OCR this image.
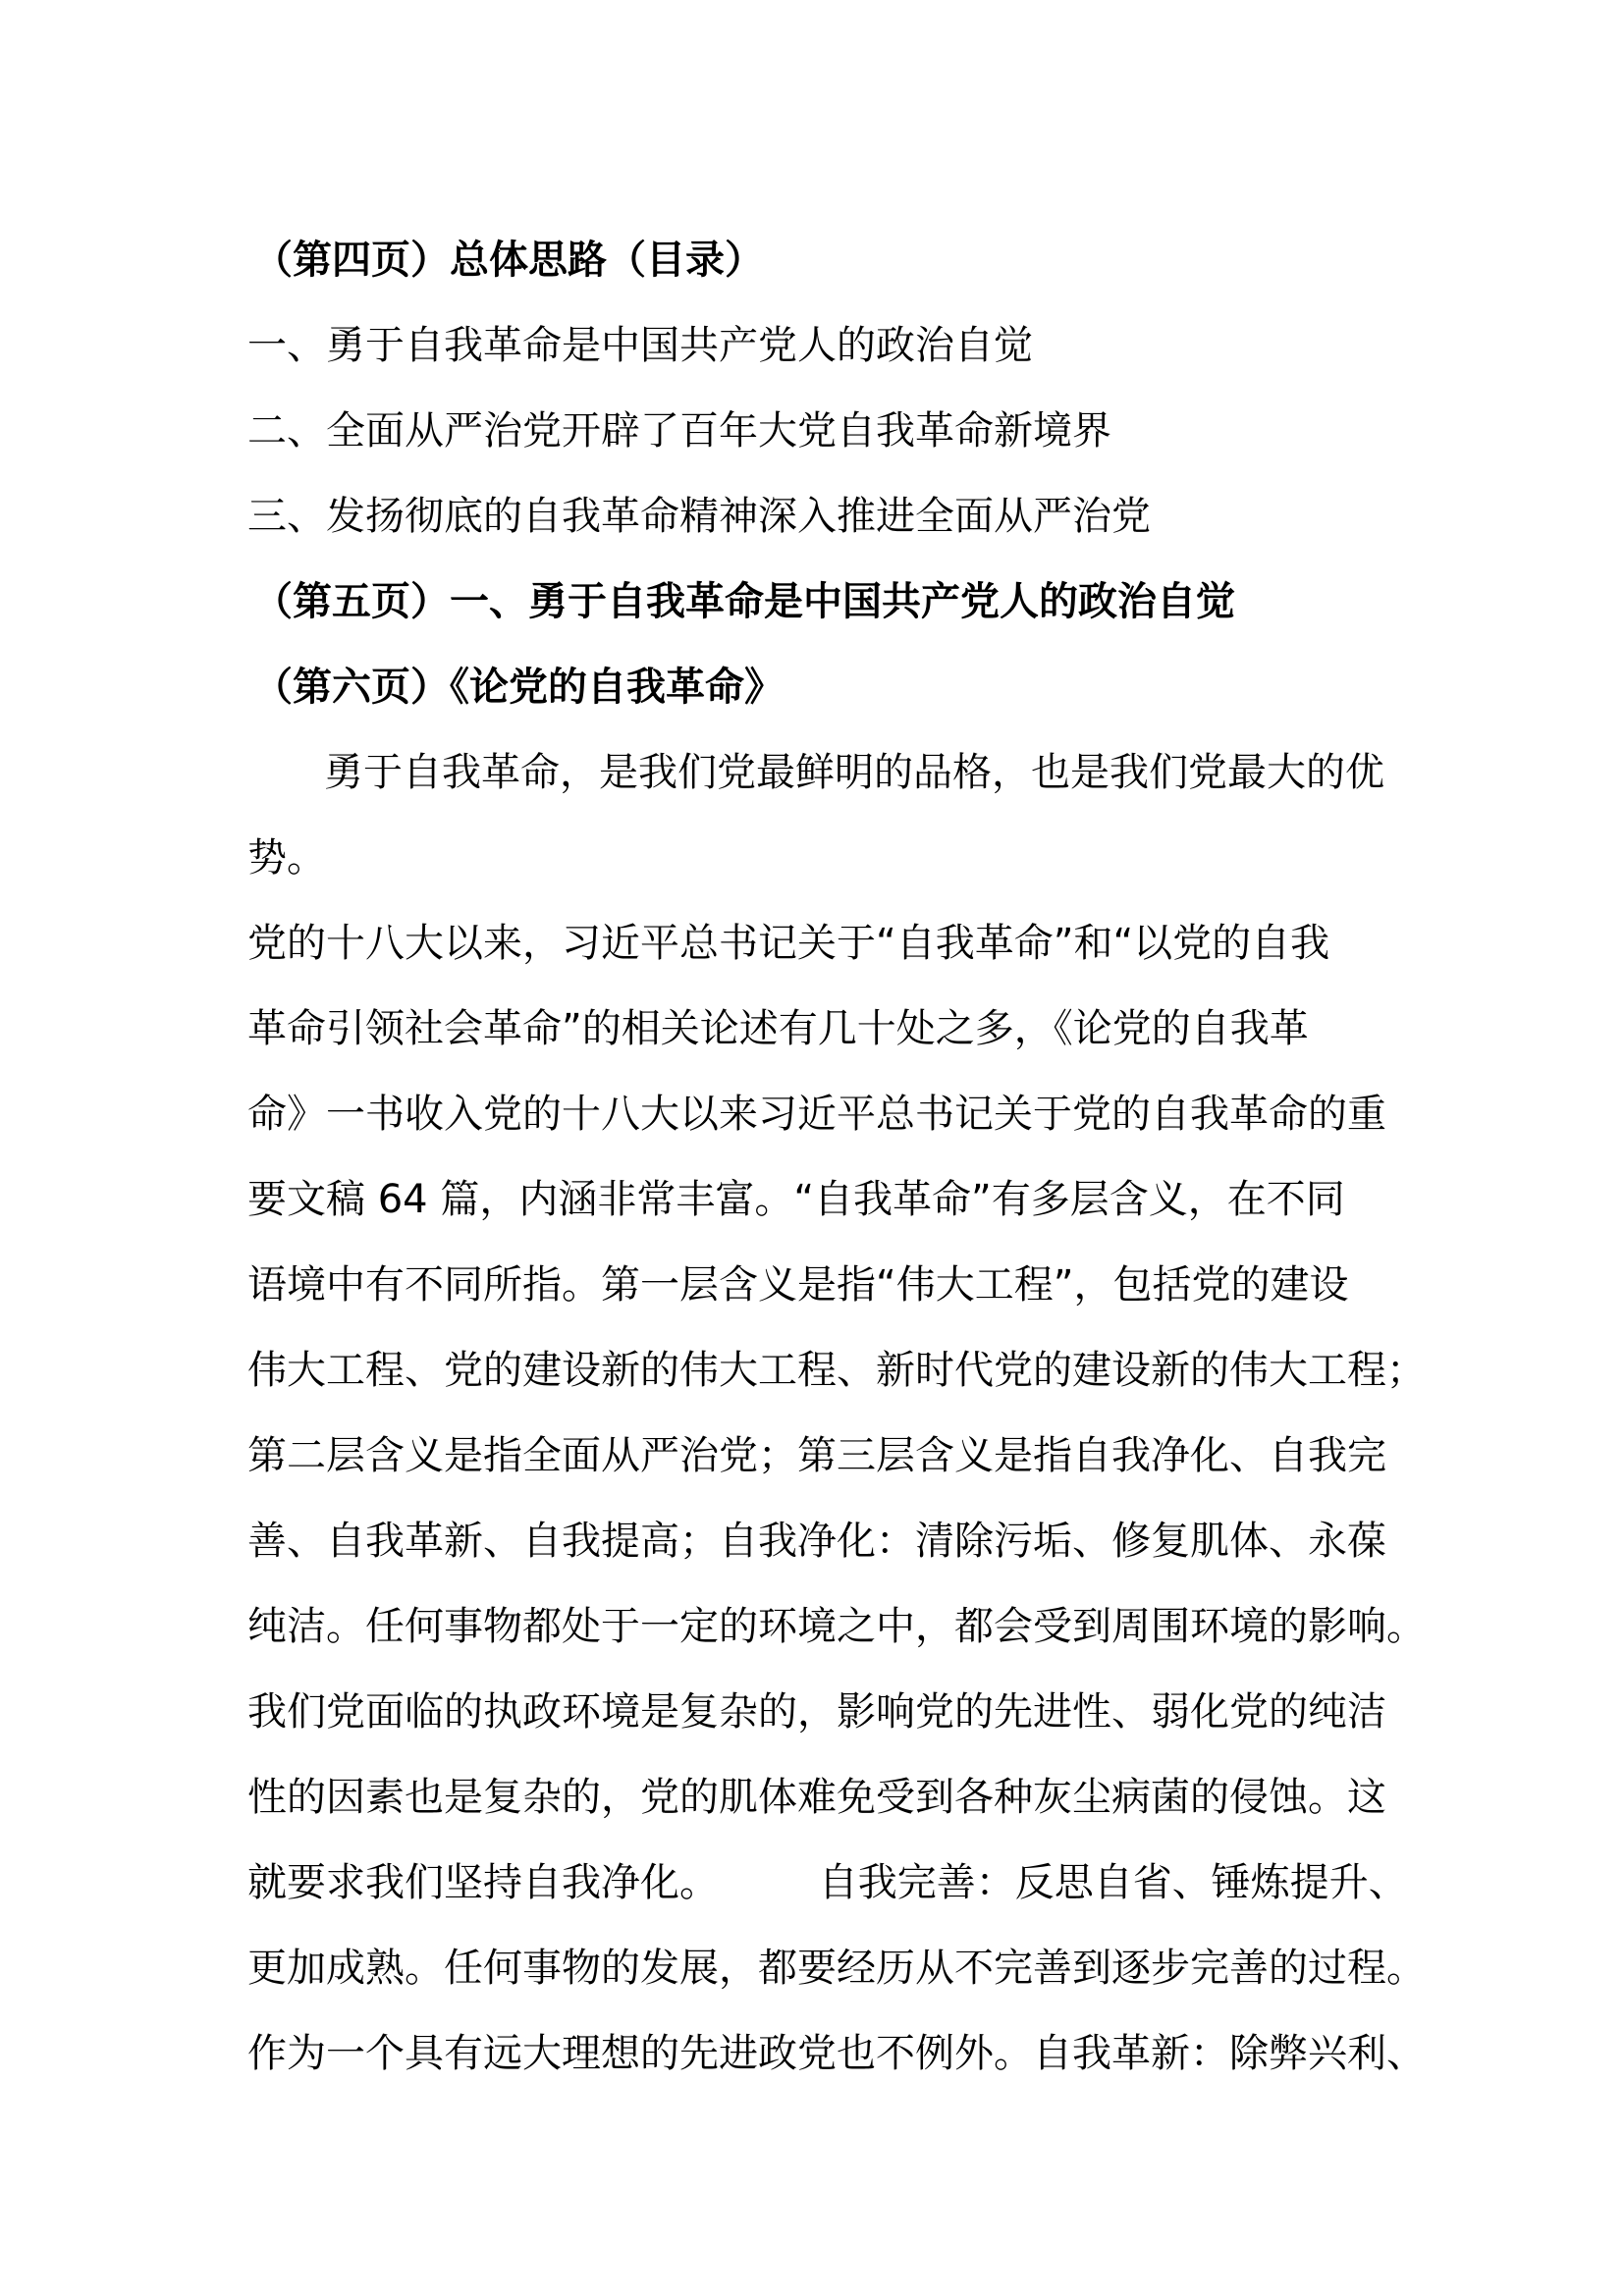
（第四页）总体思路（目录）
一、勇于自我革命是中国共产党人的政治自觉
二、全面从严治党开辟了百年大党自我革命新境界
三、发扬彻底的自我革命精神深入推进全面从严治党
（第五页）一、勇于自我革命是中国共产党人的政治自觉
（第六页）《论党的自我革命》
勇于自我革命，是我们党最鲜明的品格，也是我们党最大的优
势。
党的十八大以来，习近平总书记关于“自我革命”和“以党的自我
革命引领社会革命”的相关论述有几十处之多，《论党的自我革
命》一书收入党的十八大以来习近平总书记关于党的自我革命的重
要文稿 64 篇，内涵非常丰富。“自我革命”有多层含义，在不同
语境中有不同所指。第一层含义是指“伟大工程”，包括党的建设
伟大工程、党的建设新的伟大工程、新时代党的建设新的伟大工程；
第二层含义是指全面从严治党；第三层含义是指自我净化、自我完
善、自我革新、自我提高；自我净化：清除污垢、修复肌体、永葆
纯洁。任何事物都处于一定的环境之中，都会受到周围环境的影响。
我们党面临的执政环境是复杂的，影响党的先进性、弱化党的纯洁
性的因素也是复杂的，党的肌体难免受到各种灰尘病菌的侵蚀。这
就要求我们坚持自我净化。        自我完善：反思自省、锤炼提升、
更加成熟。任何事物的发展，都要经历从不完善到逐步完善的过程。
作为一个具有远大理想的先进政党也不例外。自我革新：除弊兴利、
